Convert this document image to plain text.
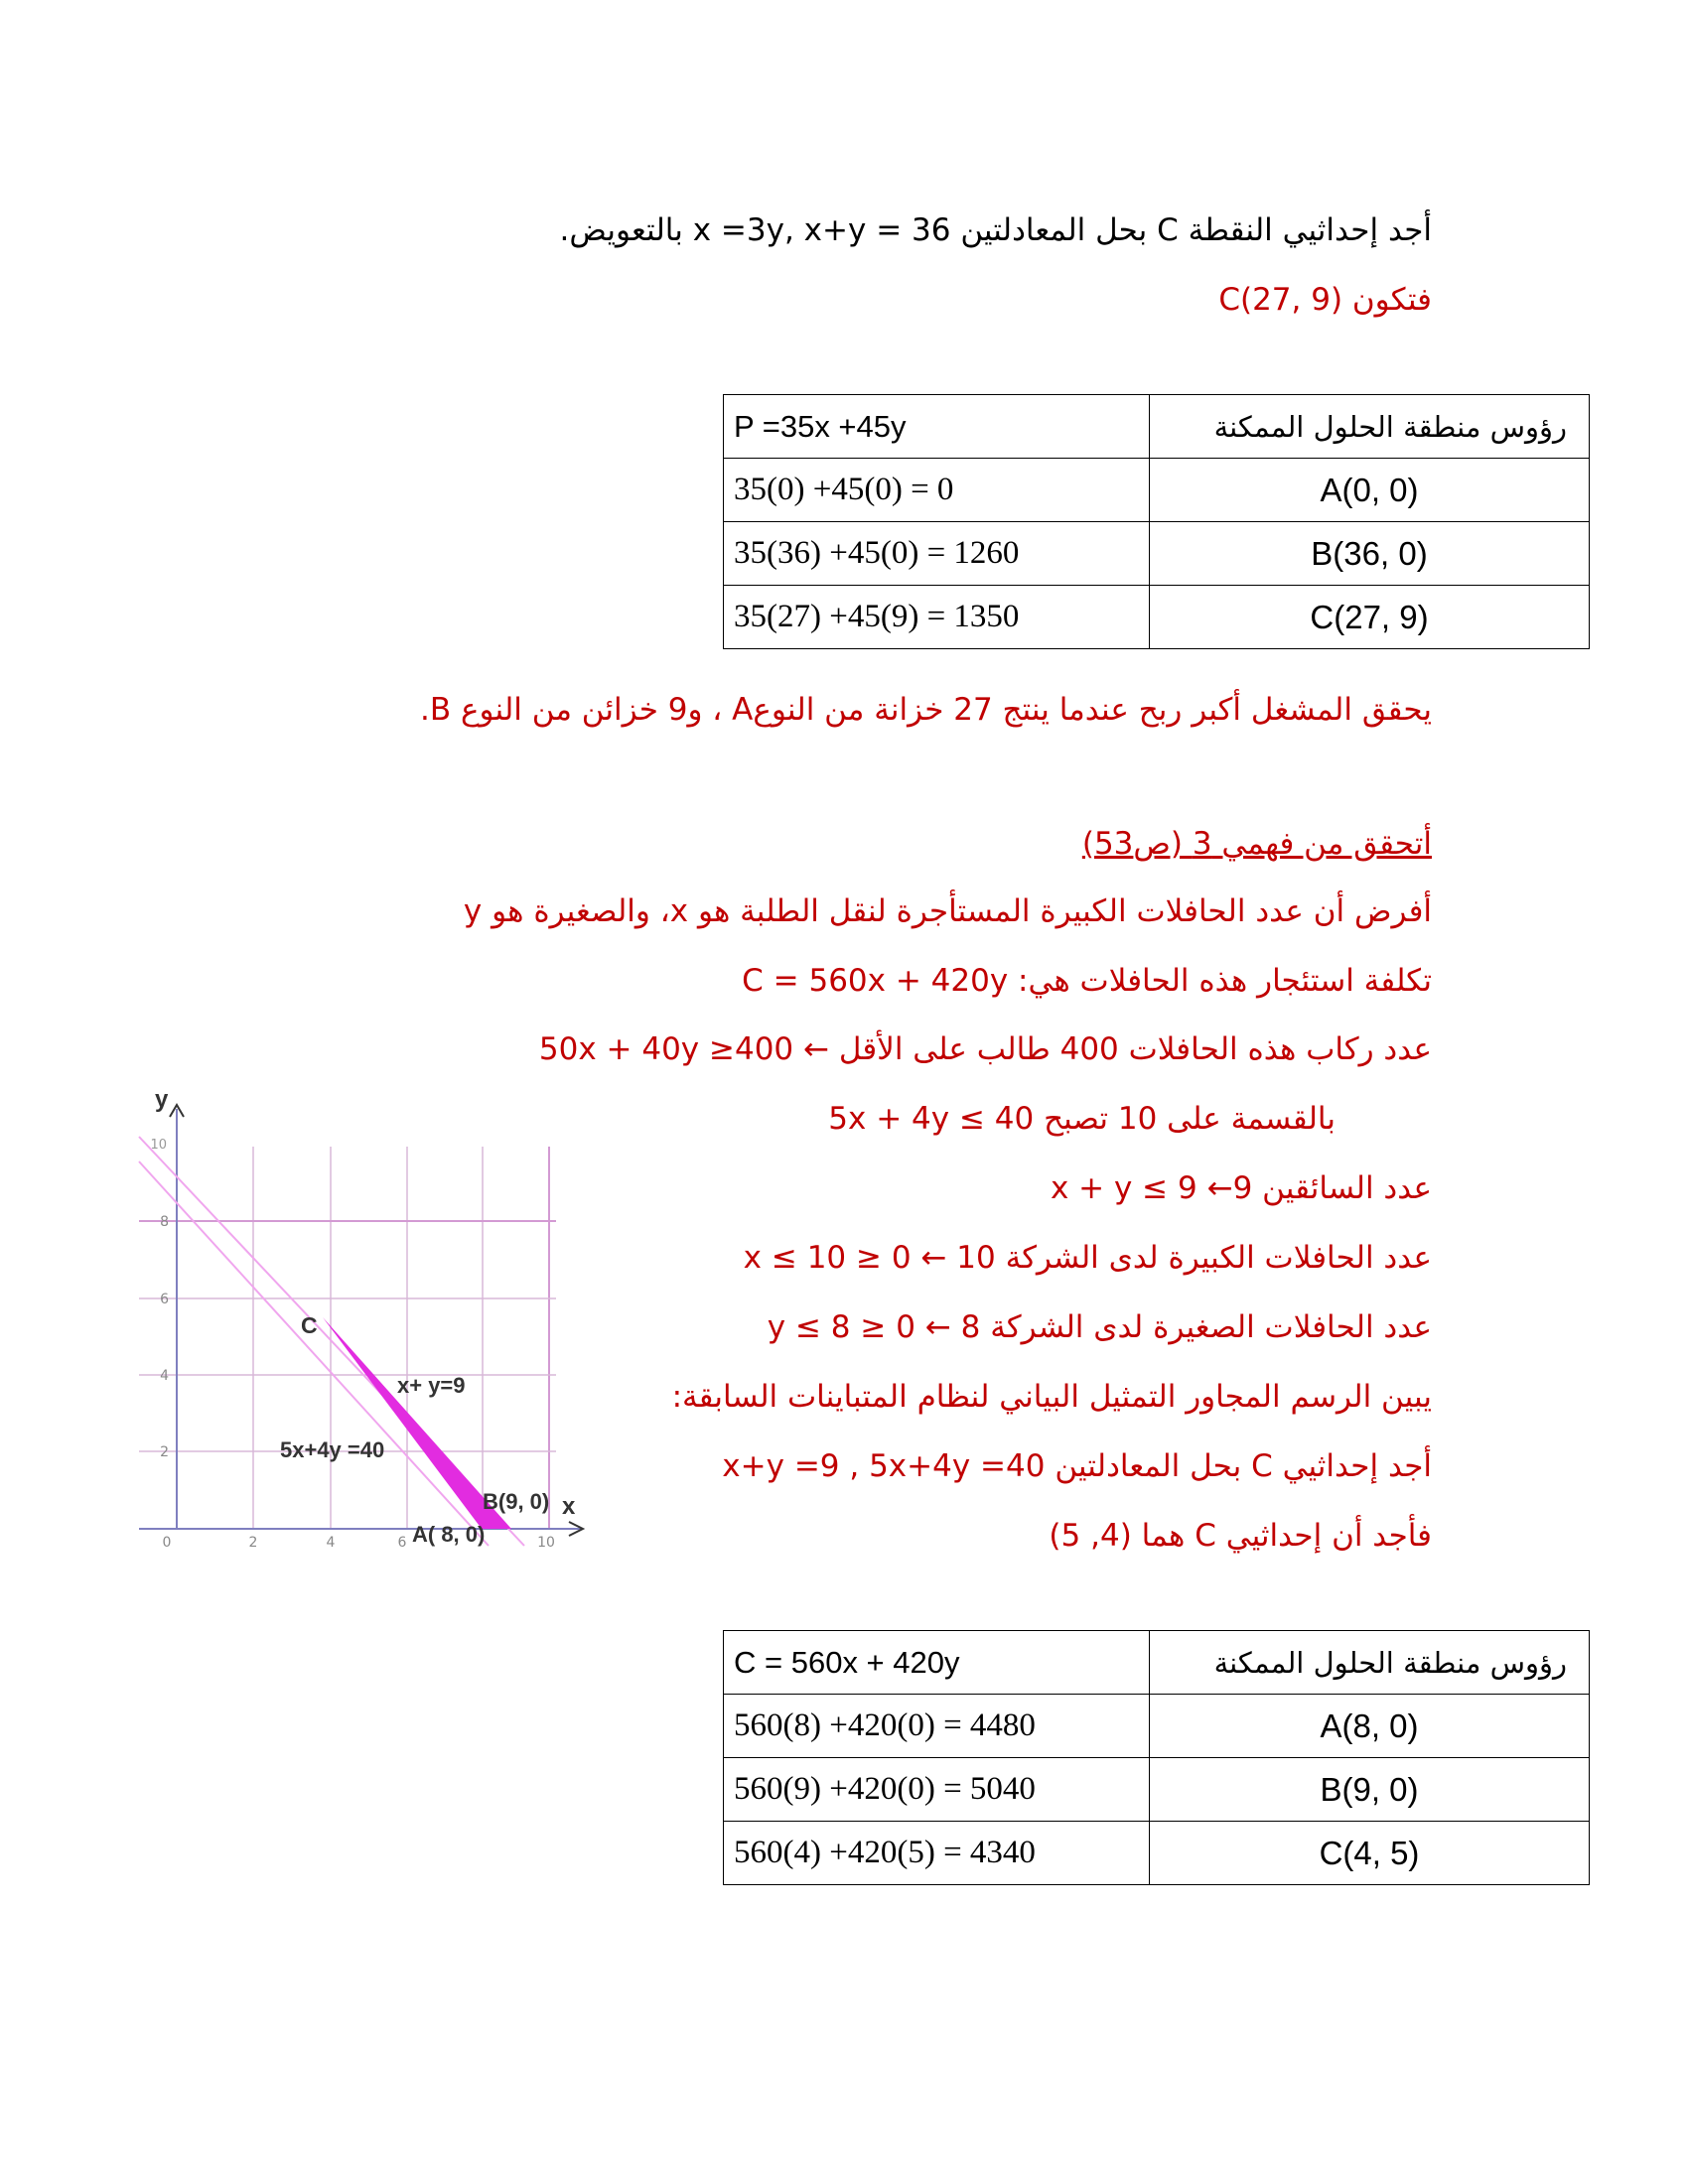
أجد إحداثيي النقطة C بحل المعادلتين x =3y, x+y = 36 بالتعويض.
فتكون C(27, 9)
P =35x +45y	رؤوس منطقة الحلول الممكنة
35(0) +45(0) = 0	A(0, 0)
35(36) +45(0) = 1260	B(36, 0)
35(27) +45(9) = 1350	C(27, 9)
يحقق المشغل أكبر ربح عندما ينتج 27 خزانة من النوعA ، و9 خزائن من النوع B.
أتحقق من فهمي 3 (ص53)
أفرض أن عدد الحافلات الكبيرة المستأجرة لنقل الطلبة هو x، والصغيرة هو y
تكلفة استئجار هذه الحافلات هي: C = 560x + 420y
عدد ركاب هذه الحافلات 400 طالب على الأقل ← 50x + 40y ≥400
بالقسمة على 10 تصبح 5x + 4y ≤ 40
عدد السائقين 9← x + y ≤ 9
عدد الحافلات الكبيرة لدى الشركة 10 ← 0 ≤ x ≤ 10
عدد الحافلات الصغيرة لدى الشركة 8 ← 0 ≤ y ≤ 8
يبين الرسم المجاور التمثيل البياني لنظام المتباينات السابقة:
أجد إحداثيي C بحل المعادلتين x+y =9 , 5x+4y =40
فأجد أن إحداثيي C هما (4, 5)
10
8
6
4
2
0	2	4	6	10
y
x
C
x+ y=9
5x+4y =40
B(9, 0)
A( 8, 0)
C = 560x + 420y	رؤوس منطقة الحلول الممكنة
560(8) +420(0) = 4480	A(8, 0)
560(9) +420(0) = 5040	B(9, 0)
560(4) +420(5) = 4340	C(4, 5)
